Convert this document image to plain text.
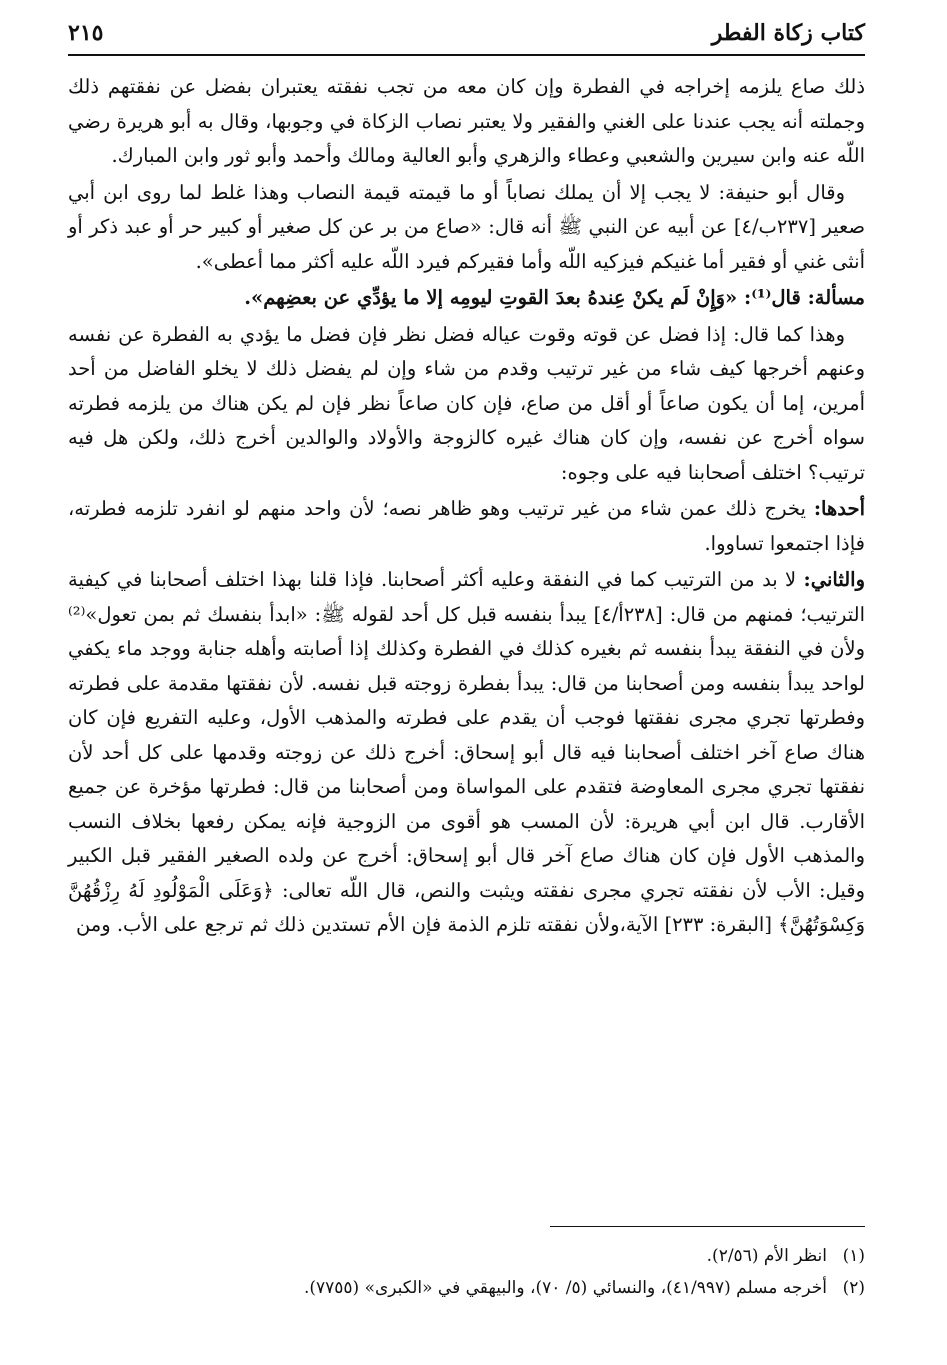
كتاب زكاة الفطر
٢١٥

ذلك صاع يلزمه إخراجه في الفطرة وإن كان معه من تجب نفقته يعتبران بفضل عن نفقتهم ذلك وجملته أنه يجب عندنا على الغني والفقير ولا يعتبر نصاب الزكاة في وجوبها، وقال به أبو هريرة رضي اللّه عنه وابن سيرين والشعبي وعطاء والزهري وأبو العالية ومالك وأحمد وأبو ثور وابن المبارك.

وقال أبو حنيفة: لا يجب إلا أن يملك نصاباً أو ما قيمته قيمة النصاب وهذا غلط لما روى ابن أبي صعير [٢٣٧ب/٤] عن أبيه عن النبي ﷺ أنه قال: «صاع من بر عن كل صغير أو كبير حر أو عبد ذكر أو أنثى غني أو فقير أما غنيكم فيزكيه اللّه وأما فقيركم فيرد اللّه عليه أكثر مما أعطى».

مسألة: قال⁽¹⁾: «وَإِنْ لَم يكنْ عِندهُ بعدَ القوتِ ليومِه إلا ما يؤدِّي عن بعضِهم».

وهذا كما قال: إذا فضل عن قوته وقوت عياله فضل نظر فإن فضل ما يؤدي به الفطرة عن نفسه وعنهم أخرجها كيف شاء من غير ترتيب وقدم من شاء وإن لم يفضل ذلك لا يخلو الفاضل من أحد أمرين، إما أن يكون صاعاً أو أقل من صاع، فإن كان صاعاً نظر فإن لم يكن هناك من يلزمه فطرته سواه أخرج عن نفسه، وإن كان هناك غيره كالزوجة والأولاد والوالدين أخرج ذلك، ولكن هل فيه ترتيب؟ اختلف أصحابنا فيه على وجوه:

أحدها: يخرج ذلك عمن شاء من غير ترتيب وهو ظاهر نصه؛ لأن واحد منهم لو انفرد تلزمه فطرته، فإذا اجتمعوا تساووا.

والثاني: لا بد من الترتيب كما في النفقة وعليه أكثر أصحابنا. فإذا قلنا بهذا اختلف أصحابنا في كيفية الترتيب؛ فمنهم من قال: [٢٣٨أ/٤] يبدأ بنفسه قبل كل أحد لقوله ﷺ: «ابدأ بنفسك ثم بمن تعول»⁽²⁾ ولأن في النفقة يبدأ بنفسه ثم بغيره كذلك في الفطرة وكذلك إذا أصابته وأهله جنابة ووجد ماء يكفي لواحد يبدأ بنفسه ومن أصحابنا من قال: يبدأ بفطرة زوجته قبل نفسه. لأن نفقتها مقدمة على فطرته وفطرتها تجري مجرى نفقتها فوجب أن يقدم على فطرته والمذهب الأول، وعليه التفريع فإن كان هناك صاع آخر اختلف أصحابنا فيه قال أبو إسحاق: أخرج ذلك عن زوجته وقدمها على كل أحد لأن نفقتها تجري مجرى المعاوضة فتقدم على المواساة ومن أصحابنا من قال: فطرتها مؤخرة عن جميع الأقارب. قال ابن أبي هريرة: لأن المسب هو أقوى من الزوجية فإنه يمكن رفعها بخلاف النسب والمذهب الأول فإن كان هناك صاع آخر قال أبو إسحاق: أخرج عن ولده الصغير الفقير قبل الكبير وقيل: الأب لأن نفقته تجري مجرى نفقته ويثبت والنص، قال اللّه تعالى: ﴿وَعَلَى الْمَوْلُودِ لَهُ رِزْقُهُنَّ وَكِسْوَتُهُنَّ﴾ [البقرة: ٢٣٣] الآية،ولأن نفقته تلزم الذمة فإن الأم تستدين ذلك ثم ترجع على الأب. ومن

(١)
انظر الأم (٢/٥٦).
(٢)
أخرجه مسلم (٤١/٩٩٧)، والنسائي (٥/ ٧٠)، والبيهقي في «الكبرى» (٧٧٥٥).
